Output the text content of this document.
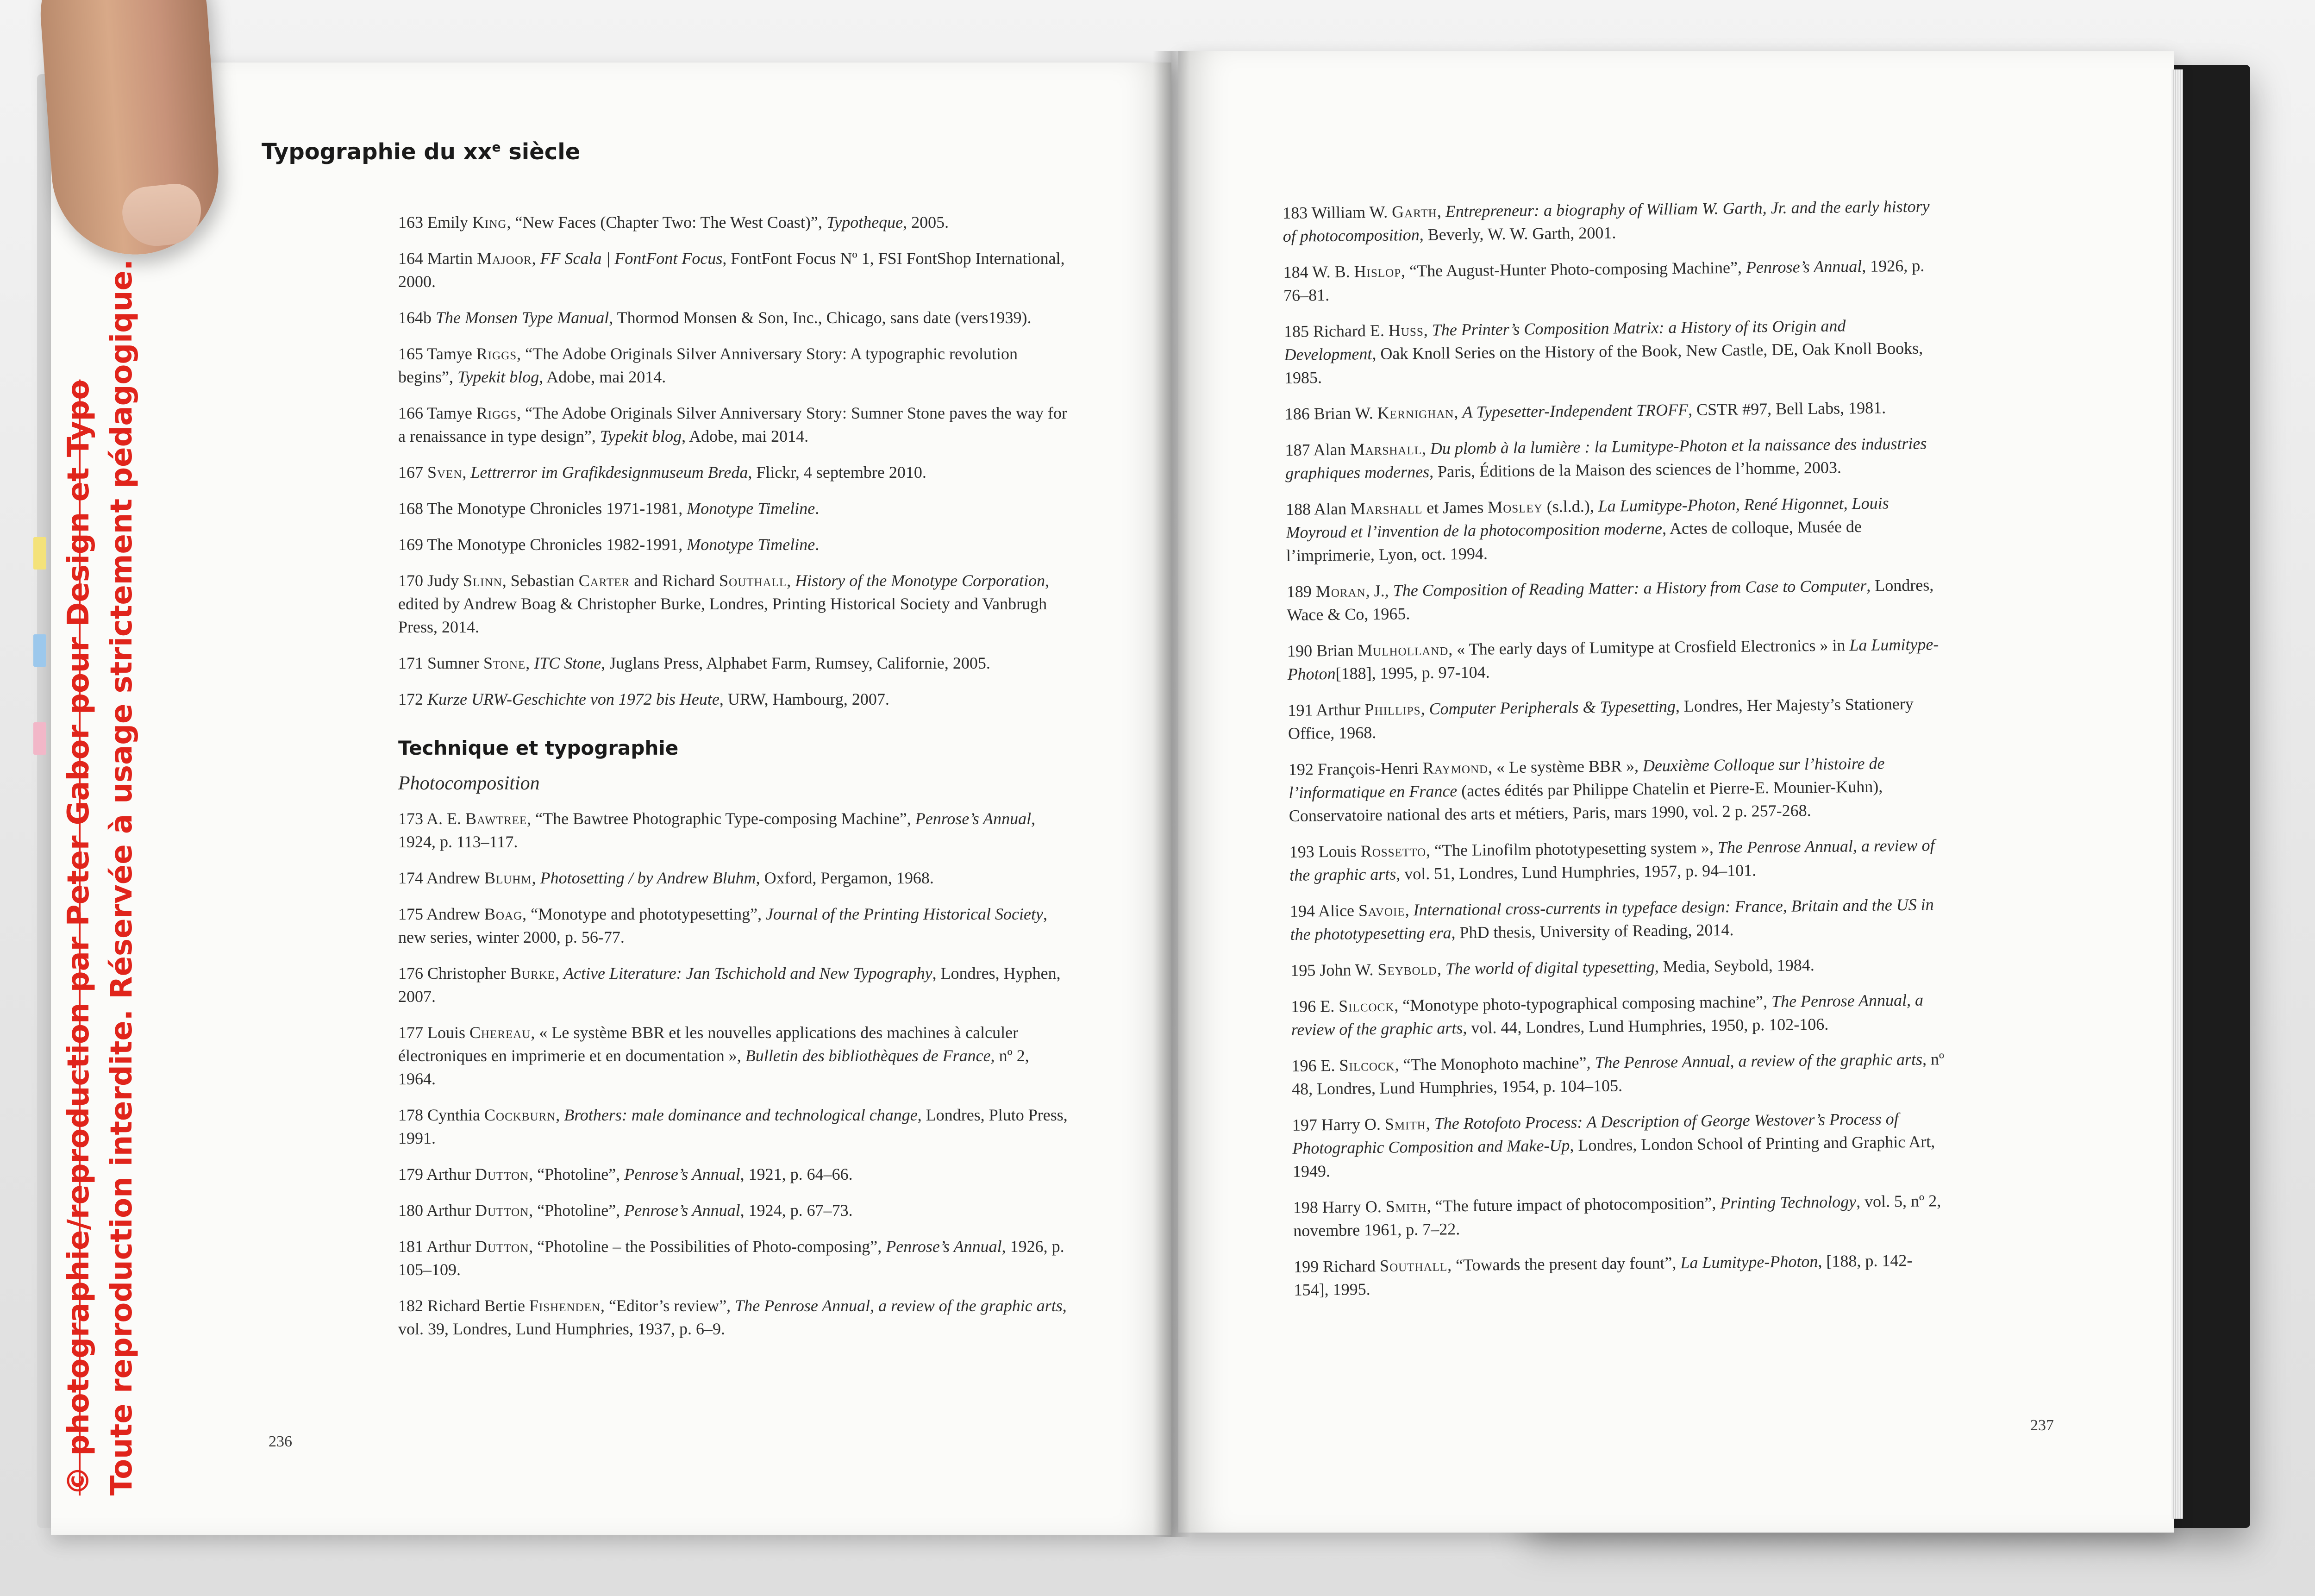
Typographie du $xx^e$ siècle
163 Emily King, “New Faces (Chapter Two: The West Coast)”, Typotheque, 2005.
164 Martin Majoor, FF Scala | FontFont Focus, FontFont Focus Nº 1, FSI FontShop International, 2000.
164b The Monsen Type Manual, Thormod Monsen & Son, Inc., Chicago, sans date (vers1939).
165 Tamye Riggs, “The Adobe Originals Silver Anniversary Story: A typographic revolution begins”, Typekit blog, Adobe, mai 2014.
166 Tamye Riggs, “The Adobe Originals Silver Anniversary Story: Sumner Stone paves the way for a renaissance in type design”, Typekit blog, Adobe, mai 2014.
167 Sven, Lettrerror im Grafikdesignmuseum Breda, Flickr, 4 septembre 2010.
168 The Monotype Chronicles 1971-1981, Monotype Timeline.
169 The Monotype Chronicles 1982-1991, Monotype Timeline.
170 Judy Slinn, Sebastian Carter and Richard Southall, History of the Monotype Corporation, edited by Andrew Boag & Christopher Burke, Londres, Printing Historical Society and Vanbrugh Press, 2014.
171 Sumner Stone, ITC Stone, Juglans Press, Alphabet Farm, Rumsey, Californie, 2005.
172 Kurze URW-Geschichte von 1972 bis Heute, URW, Hambourg, 2007.
Technique et typographie
Photocomposition
173 A. E. Bawtree, “The Bawtree Photographic Type-composing Machine”, Penrose’s Annual, 1924, p. 113–117.
174 Andrew Bluhm, Photosetting / by Andrew Bluhm, Oxford, Pergamon, 1968.
175 Andrew Boag, “Monotype and phototypesetting”, Journal of the Printing Historical Society, new series, winter 2000, p. 56-77.
176 Christopher Burke, Active Literature: Jan Tschichold and New Typography, Londres, Hyphen, 2007.
177 Louis Chereau, « Le système BBR et les nouvelles applications des machines à calculer électroniques en imprimerie et en documentation », Bulletin des bibliothèques de France, nº 2, 1964.
178 Cynthia Cockburn, Brothers: male dominance and technological change, Londres, Pluto Press, 1991.
179 Arthur Dutton, “Photoline”, Penrose’s Annual, 1921, p. 64–66.
180 Arthur Dutton, “Photoline”, Penrose’s Annual, 1924, p. 67–73.
181 Arthur Dutton, “Photoline – the Possibilities of Photo-composing”, Penrose’s Annual, 1926, p. 105–109.
182 Richard Bertie Fishenden, “Editor’s review”, The Penrose Annual, a review of the graphic arts, vol. 39, Londres, Lund Humphries, 1937, p. 6–9.
183 William W. Garth, Entrepreneur: a biography of William W. Garth, Jr. and the early history of photocomposition, Beverly, W. W. Garth, 2001.
184 W. B. Hislop, “The August-Hunter Photo-composing Machine”, Penrose’s Annual, 1926, p. 76–81.
185 Richard E. Huss, The Printer’s Composition Matrix: a History of its Origin and Development, Oak Knoll Series on the History of the Book, New Castle, DE, Oak Knoll Books, 1985.
186 Brian W. Kernighan, A Typesetter-Independent TROFF, CSTR #97, Bell Labs, 1981.
187 Alan Marshall, Du plomb à la lumière : la Lumitype-Photon et la naissance des industries graphiques modernes, Paris, Éditions de la Maison des sciences de l’homme, 2003.
188 Alan Marshall et James Mosley (s.l.d.), La Lumitype-Photon, René Higonnet, Louis Moyroud et l’invention de la photocomposition moderne, Actes de colloque, Musée de l’imprimerie, Lyon, oct. 1994.
189 Moran, J., The Composition of Reading Matter: a History from Case to Computer, Londres, Wace & Co, 1965.
190 Brian Mulholland, « The early days of Lumitype at Crosfield Electronics » in La Lumitype-Photon[188], 1995, p. 97-104.
191 Arthur Phillips, Computer Peripherals & Typesetting, Londres, Her Majesty’s Stationery Office, 1968.
192 François-Henri Raymond, « Le système BBR », Deuxième Colloque sur l’histoire de l’informatique en France (actes édités par Philippe Chatelin et Pierre-E. Mounier-Kuhn), Conservatoire national des arts et métiers, Paris, mars 1990, vol. 2 p. 257-268.
193 Louis Rossetto, “The Linofilm phototypesetting system », The Penrose Annual, a review of the graphic arts, vol. 51, Londres, Lund Humphries, 1957, p. 94–101.
194 Alice Savoie, International cross-currents in typeface design: France, Britain and the US in the phototypesetting era, PhD thesis, University of Reading, 2014.
195 John W. Seybold, The world of digital typesetting, Media, Seybold, 1984.
196 E. Silcock, “Monotype photo-typographical composing machine”, The Penrose Annual, a review of the graphic arts, vol. 44, Londres, Lund Humphries, 1950, p. 102-106.
196 E. Silcock, “The Monophoto machine”, The Penrose Annual, a review of the graphic arts, nº 48, Londres, Lund Humphries, 1954, p. 104–105.
197 Harry O. Smith, The Rotofoto Process: A Description of George Westover’s Process of Photographic Composition and Make-Up, Londres, London School of Printing and Graphic Art, 1949.
198 Harry O. Smith, “The future impact of photocomposition”, Printing Technology, vol. 5, nº 2, novembre 1961, p. 7–22.
199 Richard Southall, “Towards the present day fount”, La Lumitype-Photon, [188, p. 142-154], 1995.
236
237
© photographie/reproduction par Peter Gabor pour Design et Typo Toute reproduction interdite. Réservée à usage strictement pédagogique.
